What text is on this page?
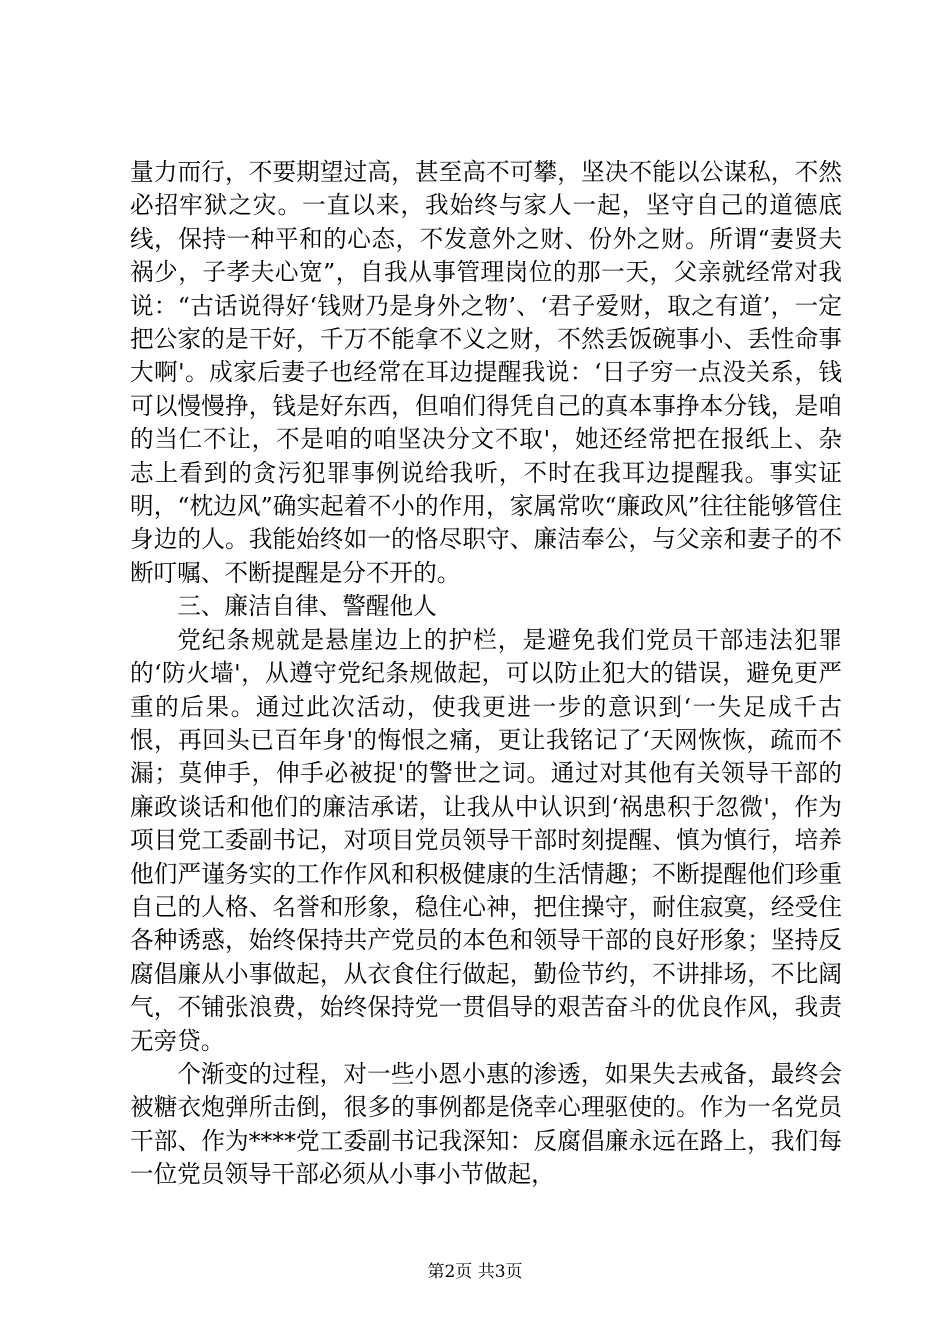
量力而行，不要期望过高，甚至高不可攀，坚决不能以公谋私，不然必招牢狱之灾。一直以来，我始终与家人一起，坚守自己的道德底线，保持一种平和的心态，不发意外之财、份外之财。所谓“妻贤夫祸少，子孝夫心宽”，自我从事管理岗位的那一天，父亲就经常对我说：“古话说得好‘钱财乃是身外之物’、‘君子爱财，取之有道’，一定把公家的是干好，千万不能拿不义之财，不然丢饭碗事小、丢性命事大啊'。成家后妻子也经常在耳边提醒我说：‘日子穷一点没关系，钱可以慢慢挣，钱是好东西，但咱们得凭自己的真本事挣本分钱，是咱的当仁不让，不是咱的咱坚决分文不取'，她还经常把在报纸上、杂志上看到的贪污犯罪事例说给我听，不时在我耳边提醒我。事实证明，“枕边风”确实起着不小的作用，家属常吹“廉政风”往往能够管住身边的人。我能始终如一的恪尽职守、廉洁奉公，与父亲和妻子的不断叮嘱、不断提醒是分不开的。

三、廉洁自律、警醒他人

党纪条规就是悬崖边上的护栏，是避免我们党员干部违法犯罪的‘防火墙'，从遵守党纪条规做起，可以防止犯大的错误，避免更严重的后果。通过此次活动，使我更进一步的意识到‘一失足成千古恨，再回头已百年身'的悔恨之痛，更让我铭记了‘天网恢恢，疏而不漏；莫伸手，伸手必被捉'的警世之词。通过对其他有关领导干部的廉政谈话和他们的廉洁承诺，让我从中认识到‘祸患积于忽微'，作为项目党工委副书记，对项目党员领导干部时刻提醒、慎为慎行，培养他们严谨务实的工作作风和积极健康的生活情趣；不断提醒他们珍重自己的人格、名誉和形象，稳住心神，把住操守，耐住寂寞，经受住各种诱惑，始终保持共产党员的本色和领导干部的良好形象；坚持反腐倡廉从小事做起，从衣食住行做起，勤俭节约，不讲排场，不比阔气，不铺张浪费，始终保持党一贯倡导的艰苦奋斗的优良作风，我责无旁贷。

个渐变的过程，对一些小恩小惠的渗透，如果失去戒备，最终会被糖衣炮弹所击倒，很多的事例都是侥幸心理驱使的。作为一名党员干部、作为****党工委副书记我深知：反腐倡廉永远在路上，我们每一位党员领导干部必须从小事小节做起，

第2页 共3页
